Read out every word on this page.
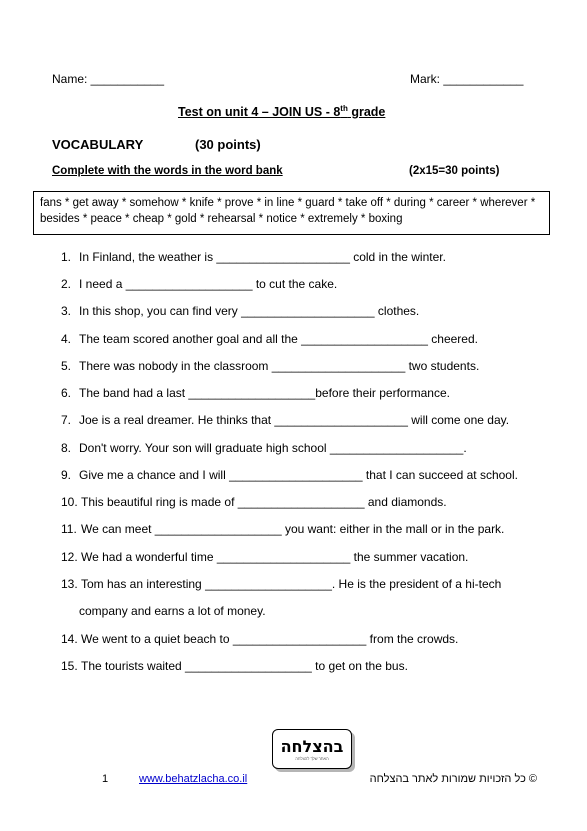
Name: ___________	Mark: ____________
Test on unit 4 – JOIN US - 8th grade
VOCABULARY	(30 points)
Complete with the words in the word bank	(2x15=30 points)
fans * get away * somehow * knife * prove * in line * guard * take off * during * career * wherever * besides * peace * cheap * gold * rehearsal * notice * extremely * boxing
1. In Finland, the weather is ____________________ cold in the winter.
2. I need a ___________________ to cut the cake.
3. In this shop, you can find very ____________________ clothes.
4. The team scored another goal and all the ___________________ cheered.
5. There was nobody in the classroom ____________________ two students.
6. The band had a last ___________________before their performance.
7. Joe is a real dreamer. He thinks that ____________________ will come one day.
8. Don't worry. Your son will graduate high school ____________________.
9. Give me a chance and I will ____________________ that I can succeed at school.
10. This beautiful ring is made of ___________________ and diamonds.
11. We can meet ___________________ you want: either in the mall or in the park.
12. We had a wonderful time ____________________ the summer vacation.
13. Tom has an interesting ___________________. He is the president of a hi-tech
company and earns a lot of money.
14. We went to a quiet beach to ____________________ from the crowds.
15. The tourists waited ___________________ to get on the bus.
בהצלחה
האתר שלך להצלחה
1	www.behatzlacha.co.il	© כל הזכויות שמורות לאתר בהצלחה
